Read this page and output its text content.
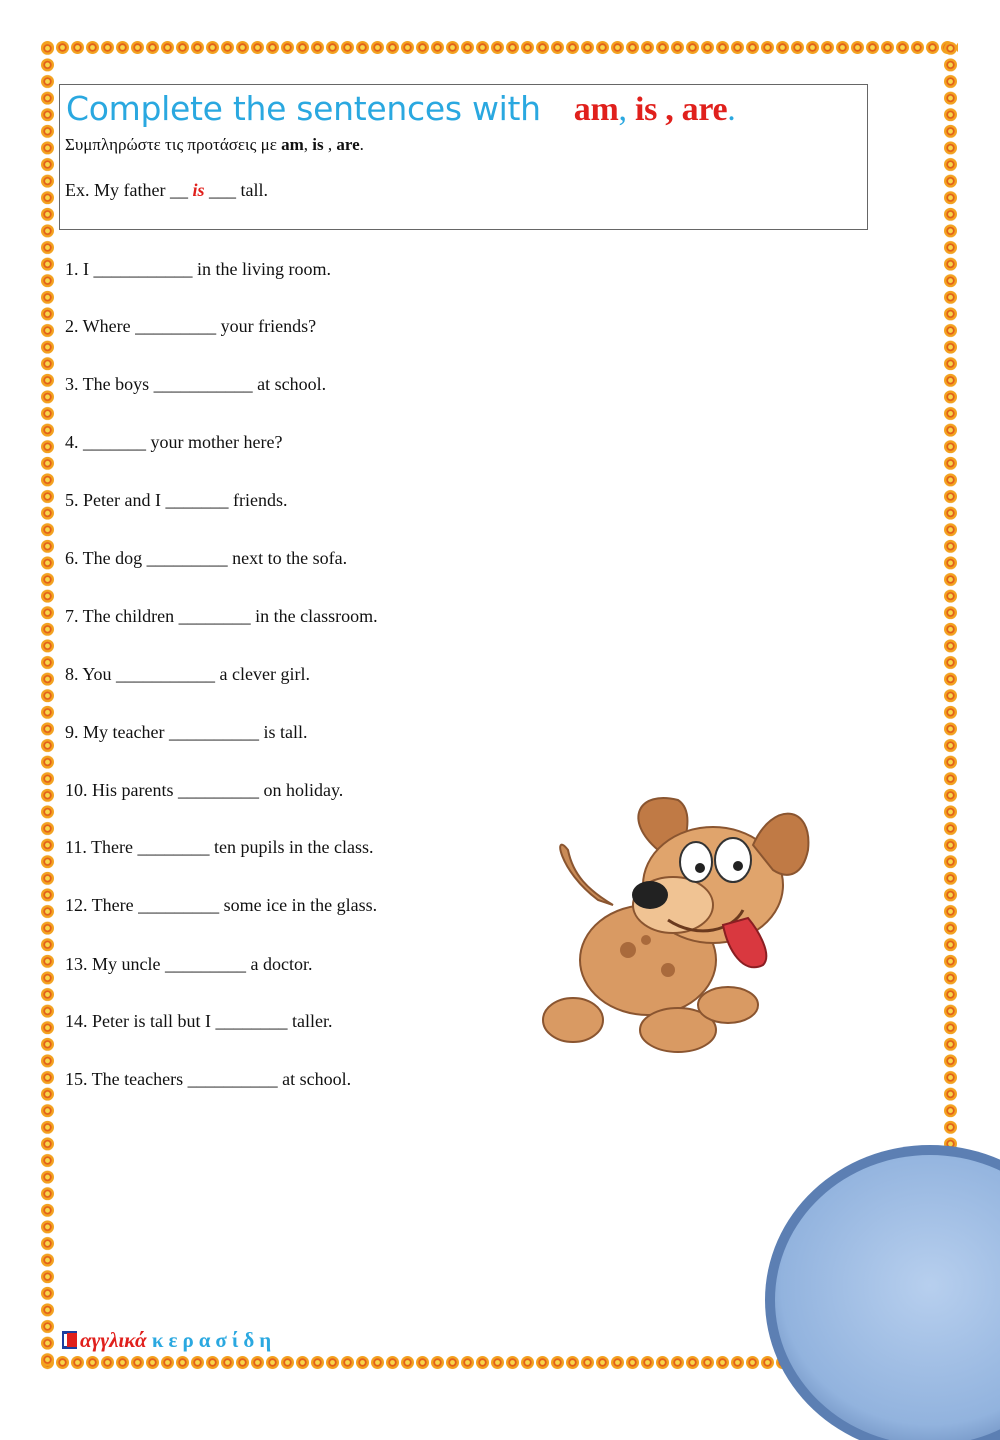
Complete the sentences with am, is , are.
Συμπληρώστε τις προτάσεις με am, is , are.
Ex. My father __ is ___ tall.
1. I ___________ in the living room.
2. Where _________ your friends?
3. The boys ___________ at school.
4. _______ your mother here?
5. Peter and I _______ friends.
6. The dog _________ next to the sofa.
7. The children ________ in the classroom.
8. You ___________ a clever girl.
9. My teacher __________ is tall.
10. His parents _________ on holiday.
11. There ________ ten pupils in the class.
12. There _________ some ice in the glass.
13. My uncle _________ a doctor.
14. Peter is tall but I ________ taller.
15. The teachers __________ at school.
αγγλικά κερασίδη
